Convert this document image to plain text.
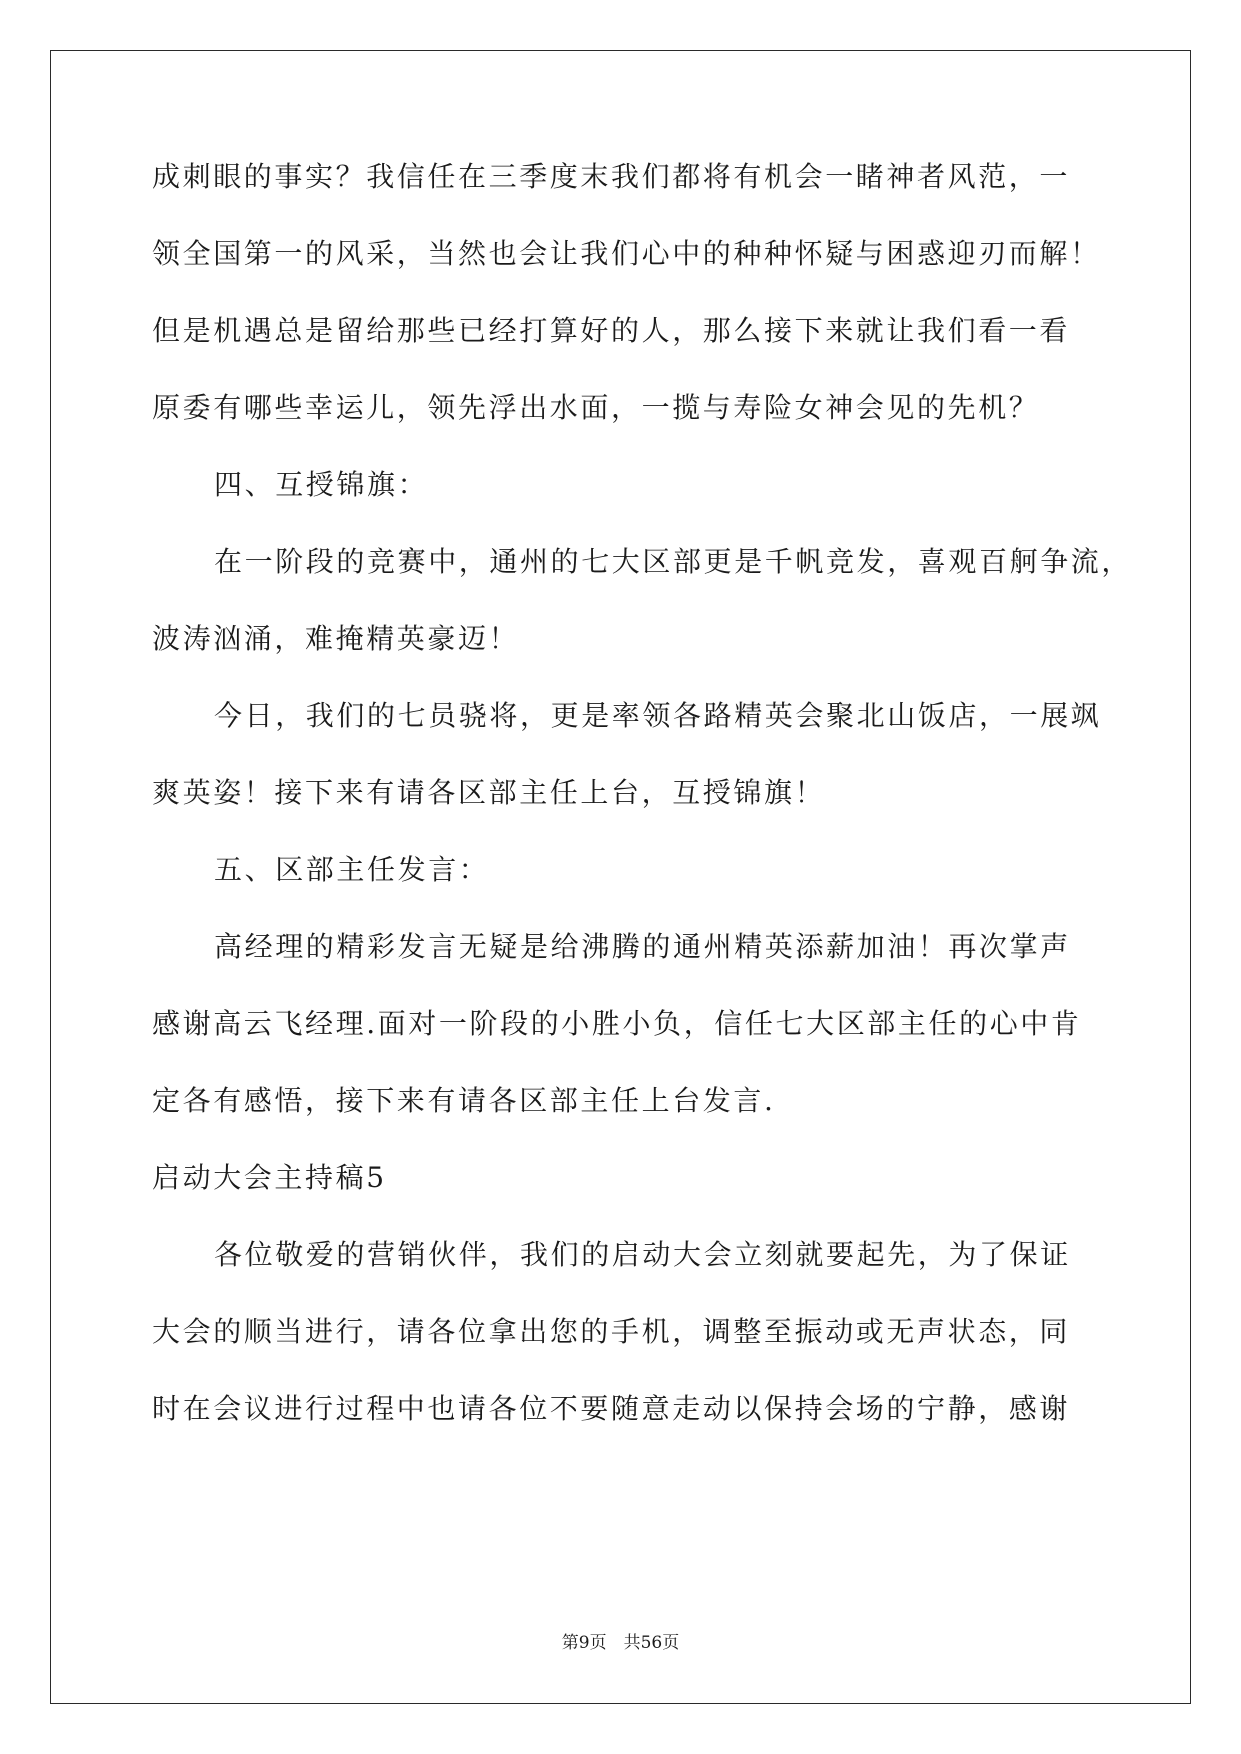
成刺眼的事实？我信任在三季度末我们都将有机会一睹神者风范，一
领全国第一的风采，当然也会让我们心中的种种怀疑与困惑迎刃而解！
但是机遇总是留给那些已经打算好的人，那么接下来就让我们看一看
原委有哪些幸运儿，领先浮出水面，一揽与寿险女神会见的先机？
四、互授锦旗：
在一阶段的竞赛中，通州的七大区部更是千帆竞发，喜观百舸争流，
波涛汹涌，难掩精英豪迈！
今日，我们的七员骁将，更是率领各路精英会聚北山饭店，一展飒
爽英姿！接下来有请各区部主任上台，互授锦旗！
五、区部主任发言：
高经理的精彩发言无疑是给沸腾的通州精英添薪加油！再次掌声
感谢高云飞经理.面对一阶段的小胜小负，信任七大区部主任的心中肯
定各有感悟，接下来有请各区部主任上台发言.
启动大会主持稿5
各位敬爱的营销伙伴，我们的启动大会立刻就要起先，为了保证
大会的顺当进行，请各位拿出您的手机，调整至振动或无声状态，同
时在会议进行过程中也请各位不要随意走动以保持会场的宁静，感谢
第9页　共56页
